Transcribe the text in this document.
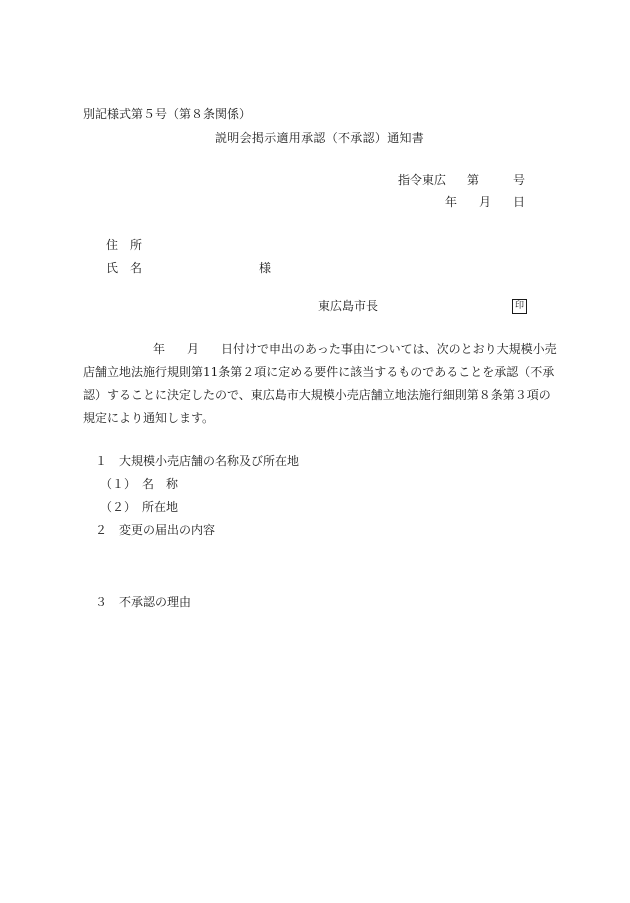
別記様式第５号（第８条関係）
説明会掲示適用承認（不承認）通知書
指令東広 第	号
年 月 日
住　所
氏　名	様
東広島市長	印
年 月 日付けで申出のあった事由については、次のとおり大規模小売
店舗立地法施行規則第11条第２項に定める要件に該当するものであることを承認（不承
認）することに決定したので、東広島市大規模小売店舗立地法施行細則第８条第３項の
規定により通知します。
１ 大規模小売店舗の名称及び所在地
（１） 名　称
（２） 所在地
２ 変更の届出の内容
３ 不承認の理由
